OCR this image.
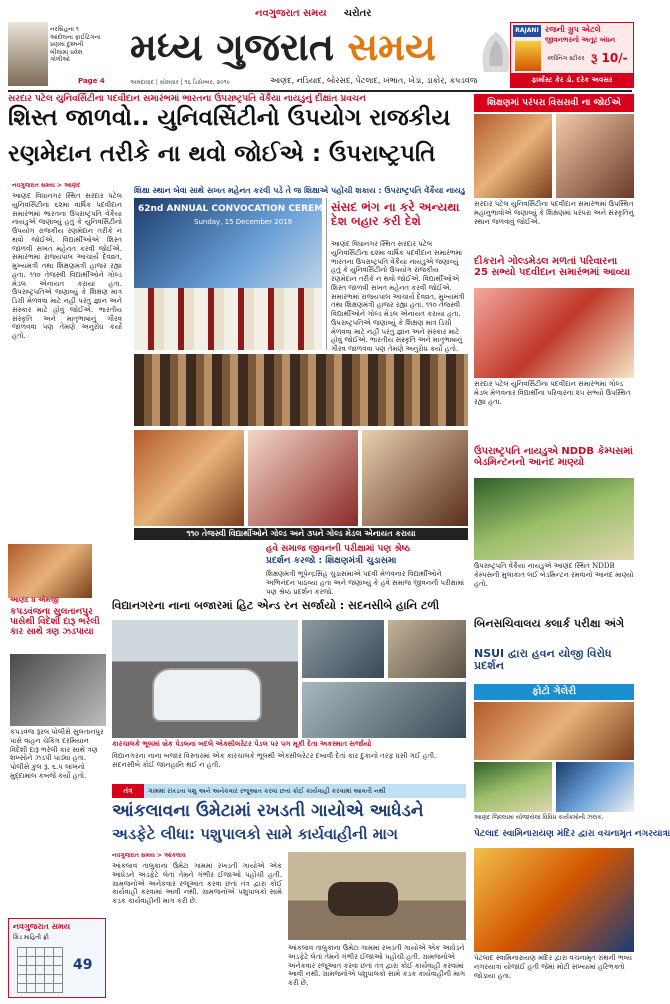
નરસિંહના ૧ આંદોલના ફાઈટિંગના પ્રણમા દુશ્મની બીલામાં પ્રવેશ ગોળીઓ
Page 4
નવગુજરાત સમય ચરોતર
મધ્ય ગુજરાત સમય
આણંદ, નડિયાદ, બોરસદ, પેટલાદ, ખંભાત, ખેડા, ડાકોર, કપડવંજ
અમદાવાદ | સોમવાર | ૧૬ ડિસેમ્બર, ૨૦૧૯
RAJANI રજની ગ્રુપ એટલે
જીવનભરનો અતૂટ બંધન
ક્લીનિંગ સ્ટીકર રૂ 10/-
ફાર્માસ્ટ કેર ડો. દરેક અવસર
સરદાર પટેલ યુનિવર્સિટીના પદવીદાન સમારંભમાં ભારતના ઉપરાષ્ટ્રપતિ વેંકૈયા નાયડુનું દીક્ષાંત પ્રવચન
શિસ્ત જાળવો.. યુનિવર્સિટીનો ઉપયોગ રાજકીય
રણમેદાન તરીકે ના થવો જોઈએ : ઉપરાષ્ટ્રપતિ
નવગુજરાત સમય > આણંદ
આણંદ વિધાનગર સ્થિત સરદાર પટેલ યુનિવર્સિટીના ૬૨મા વાર્ષિક પદવીદાન સમારંભમાં ભારતના ઉપરાષ્ટ્રપતિ વેંકૈયા નાયડુએ જણાવ્યું હતું કે યુનિવર્સિટીનો ઉપયોગ રાજકીય રણમેદાન તરીકે ન થવો જોઈએ. વિદ્યાર્થીઓએ શિસ્ત જાળવી સખત મહેનત કરવી જોઈએ. સમારંભમાં રાજ્યપાલ આચાર્ય દેવવ્રત, મુખ્યમંત્રી તથા શિક્ષણમંત્રી હાજર રહ્યા હતા. ૧૧૦ તેજસ્વી વિદ્યાર્થીઓને ગોલ્ડ મેડલ એનાયત કરાયા હતા. ઉપરાષ્ટ્રપતિએ જણાવ્યું કે શિક્ષણ માત્ર ડિગ્રી મેળવવા માટે નહીં પરંતુ જ્ઞાન અને સંસ્કાર માટે હોવું જોઈએ. ભારતીય સંસ્કૃતિ અને માતૃભાષાનું ગૌરવ જાળવવા પણ તેમણે અનુરોધ કર્યો હતો.
શિક્ષા સ્થાન બેવા સાથે સખત મહેનત કરવી પડે તે જ શિક્ષાએ પહોંચી શકાય : ઉપરાષ્ટ્રપતિ વેંકૈયા નાયડુ
62nd ANNUAL CONVOCATION CEREMONY
Sunday, 15 December 2019
સંસદ ભંગ ના કરે અન્યથા દેશ બહાર કરી દેશે
આણંદ વિધાનગર સ્થિત સરદાર પટેલ યુનિવર્સિટીના ૬૨મા વાર્ષિક પદવીદાન સમારંભમાં ભારતના ઉપરાષ્ટ્રપતિ વેંકૈયા નાયડુએ જણાવ્યું હતું કે યુનિવર્સિટીનો ઉપયોગ રાજકીય રણમેદાન તરીકે ન થવો જોઈએ. વિદ્યાર્થીઓએ શિસ્ત જાળવી સખત મહેનત કરવી જોઈએ. સમારંભમાં રાજ્યપાલ આચાર્ય દેવવ્રત, મુખ્યમંત્રી તથા શિક્ષણમંત્રી હાજર રહ્યા હતા. ૧૧૦ તેજસ્વી વિદ્યાર્થીઓને ગોલ્ડ મેડલ એનાયત કરાયા હતા. ઉપરાષ્ટ્રપતિએ જણાવ્યું કે શિક્ષણ માત્ર ડિગ્રી મેળવવા માટે નહીં પરંતુ જ્ઞાન અને સંસ્કાર માટે હોવું જોઈએ. ભારતીય સંસ્કૃતિ અને માતૃભાષાનું ગૌરવ જાળવવા પણ તેમણે અનુરોધ કર્યો હતો.
૧૧૦ તેજસ્વી વિદ્યાર્થીઓને ગોલ્ડ અને ૩૫ને ગોલ્ડ મેડલ એનાયત કરાયા
શિક્ષણમાં પરંપરા વિસરાવી ના જોઈએ
સરદાર પટેલ યુનિવર્સિટીના પદવીદાન સમારંભમાં ઉપસ્થિત મહાનુભાવોએ જણાવ્યું કે શિક્ષણમાં પરંપરા અને સંસ્કૃતિનું સ્થાન જળવાવું જોઈએ.
દીકરાને ગોલ્ડમેડલ મળતાં પરિવારના 25 સભ્યો પદવીદાન સમારંભમાં આવ્યા
સરદાર પટેલ યુનિવર્સિટીના પદવીદાન સમારંભમાં ગોલ્ડ મેડલ મેળવનાર વિદ્યાર્થીના પરિવારના ૨૫ સભ્યો ઉપસ્થિત રહ્યા હતા.
ઉપરાષ્ટ્રપતિ નાયડુએ NDDB કેમ્પસમાં બેડમિન્ટનનો આનંદ માણ્યો
ઉપરાષ્ટ્રપતિ વેંકૈયા નાયડુએ આણંદ સ્થિત NDDB કેમ્પસની મુલાકાત લઈ બેડમિન્ટન રમવાનો આનંદ માણ્યો હતો.
હવે સમાજ જીવનની પરીક્ષામાં પણ શ્રેષ્ઠ
પ્રદર્શન કરજો : શિક્ષણમંત્રી ચુડાસમા
શિક્ષણમંત્રી ભૂપેન્દ્રસિંહ ચુડાસમાએ પદવી મેળવનાર વિદ્યાર્થીઓને અભિનંદન પાઠવ્યા હતા અને જણાવ્યું કે હવે સમાજ જીવનની પરીક્ષામાં પણ શ્રેષ્ઠ પ્રદર્શન કરજો.
આણંદ ધ એમજી
કપડવંજના સુલતાનપુર પાસેથી વિદેશી દારૂ ભરેલી કાર સાથે ત્રણ ઝડપાયા
કપડવંજ રૂરલ પોલીસે સુલતાનપુર પાસે વાહન ચેકિંગ દરમિયાન વિદેશી દારૂ ભરેલી કાર સાથે ત્રણ શખ્સોને ઝડપી પાડ્યા હતા. પોલીસે કુલ રૂ. ૬.૫ લાખનો મુદ્દામાલ કબજે કર્યો હતો.
વિદ્યાનગરના નાના બજારમાં હિટ એન્ડ રન સર્જાયો : સદનસીબે હાનિ ટળી
કારચાલકે ભૂલમાં બ્રેક પેડલના બદલે એક્સીલરેટર પેડલ પર પગ મૂકી દેતા અકસ્માત સર્જાયો
વિદ્યાનગરના નાના બજાર વિસ્તારમાં એક કારચાલકે ભૂલથી એક્સીલરેટર દબાવી દેતાં કાર દુકાનો તરફ ધસી ગઈ હતી. સદનસીબે કોઈ જાનહાનિ થઈ ન હતી.
બિનસચિવાલય ક્લાર્ક પરીક્ષા અંગે
NSUI દ્વારા હવન યોજી વિરોધ પ્રદર્શન
ફોટો ગેલેરી
આણંદ જિલ્લામાં યોજાયેલા વિવિધ કાર્યક્રમોની ઝલક.
તંત્ર	ગામમાં રખડતા પશુ અને અનેકવાર રજૂઆત કરવા છતાં કોઈ કાર્યવાહી કરવામાં આવતી નથી
આંકલાવના ઉમેટામાં રખડતી ગાયોએ આધેડને
અડફેટે લીધા: પશુપાલકો સામે કાર્યવાહીની માગ
નવગુજરાત સમય > આંકલાવ
આંકલાવ તાલુકાના ઉમેટા ગામમાં રખડતી ગાયોએ એક આધેડને અડફેટે લેતાં તેમને ગંભીર ઈજાઓ પહોંચી હતી. ગ્રામજનોએ અનેકવાર રજૂઆત કરવા છતાં તંત્ર દ્વારા કોઈ કાર્યવાહી કરવામાં આવી નથી. ગ્રામજનોએ પશુપાલકો સામે કડક કાર્યવાહીની માગ કરી છે.
આંકલાવ તાલુકાના ઉમેટા ગામમાં રખડતી ગાયોએ એક આધેડને અડફેટે લેતાં તેમને ગંભીર ઈજાઓ પહોંચી હતી. ગ્રામજનોએ અનેકવાર રજૂઆત કરવા છતાં તંત્ર દ્વારા કોઈ કાર્યવાહી કરવામાં આવી નથી. ગ્રામજનોએ પશુપાલકો સામે કડક કાર્યવાહીની માગ કરી છે.
પેટલાદ સ્વામિનારાયણ મંદિર દ્વારા વચનામૃત નગરયાત્રા
પેટલાદ સ્વામિનારાયણ મંદિર દ્વારા વચનામૃત ગ્રંથની ભવ્ય નગરયાત્રા યોજાઈ હતી જેમાં મોટી સંખ્યામાં હરિભક્તો જોડાયા હતા.
નવગુજરાત સમય
ગ્રિડ માહિતી ફ્રી
49
